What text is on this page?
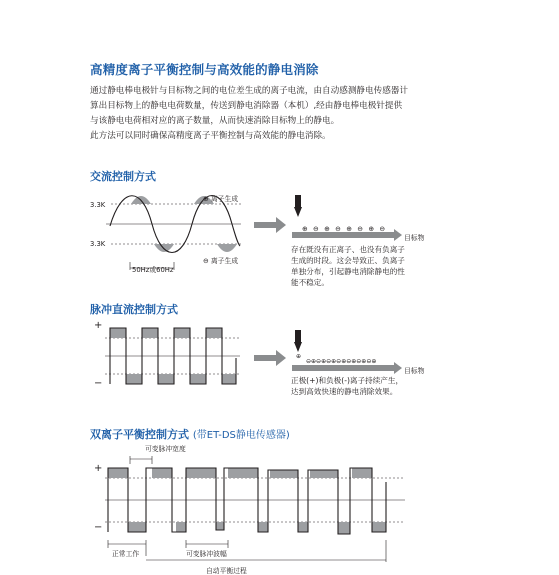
高精度离子平衡控制与高效能的静电消除

通过静电棒电极针与目标物之间的电位差生成的离子电流，由自动感测静电传感器计算出目标物上的静电电荷数量，传送到静电消除器（本机）,经由静电棒电极针提供与该静电电荷相对应的离子数量，从而快速消除目标物上的静电。

此方法可以同时确保高精度离子平衡控制与高效能的静电消除。

交流控制方式
3.3K
3.3K
⊕ 离子生成
⊖ 离子生成
50Hz或60Hz
⊕ ⊖ ⊕ ⊖ ⊕ ⊖ ⊕ ⊖
目标物
存在既没有正离子、也没有负离子生成的时段。这会导致正、负离子单独分布，引起静电消除静电的性能不稳定。
脉冲直流控制方式
+
−
⊕
⊖⊕⊖⊕⊖⊕⊖⊕⊖⊕⊖⊕⊖⊕
目标物
正极(+)和负极(-)离子持续产生，达到高效快速的静电消除效果。
双离子平衡控制方式 (带ET-DS静电传感器)
可变脉冲宽度
+
−
正常工作	可变脉冲波幅
自动平衡过程
